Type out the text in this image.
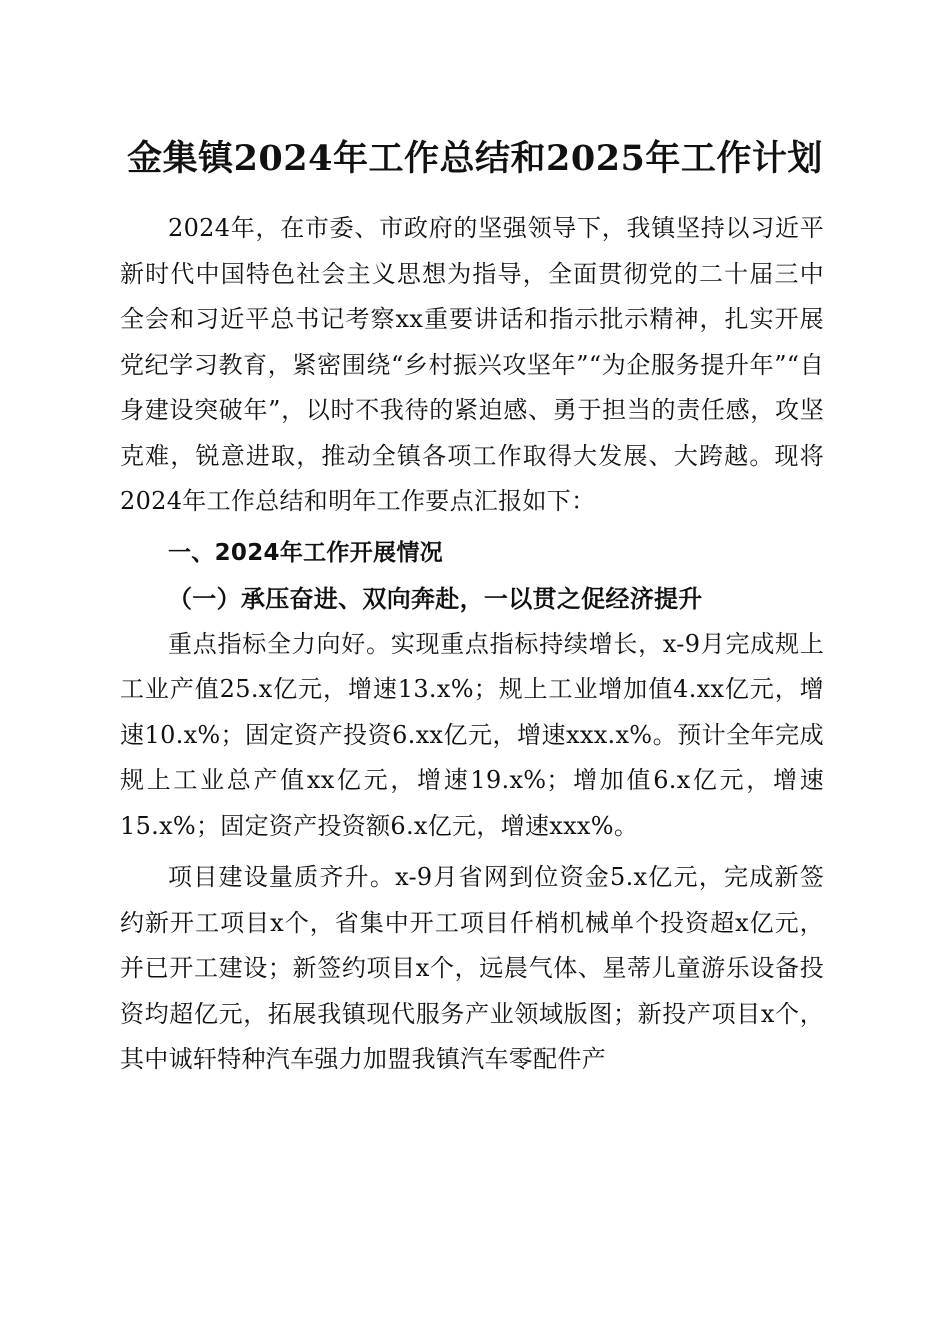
金集镇2024年工作总结和2025年工作计划

2024年，在市委、市政府的坚强领导下，我镇坚持以习近平新时代中国特色社会主义思想为指导，全面贯彻党的二十届三中全会和习近平总书记考察xx重要讲话和指示批示精神，扎实开展党纪学习教育，紧密围绕“乡村振兴攻坚年”“为企服务提升年”“自身建设突破年”，以时不我待的紧迫感、勇于担当的责任感，攻坚克难，锐意进取，推动全镇各项工作取得大发展、大跨越。现将2024年工作总结和明年工作要点汇报如下：

一、2024年工作开展情况

（一）承压奋进、双向奔赴，一以贯之促经济提升

重点指标全力向好。实现重点指标持续增长，x-9月完成规上工业产值25.x亿元，增速13.x%；规上工业增加值4.xx亿元，增速10.x%；固定资产投资6.xx亿元，增速xxx.x%。预计全年完成规上工业总产值xx亿元，增速19.x%；增加值6.x亿元，增速15.x%；固定资产投资额6.x亿元，增速xxx%。

项目建设量质齐升。x-9月省网到位资金5.x亿元，完成新签约新开工项目x个，省集中开工项目仟梢机械单个投资超x亿元，并已开工建设；新签约项目x个，远晨气体、星蒂儿童游乐设备投资均超亿元，拓展我镇现代服务产业领域版图；新投产项目x个，其中诚轩特种汽车强力加盟我镇汽车零配件产
